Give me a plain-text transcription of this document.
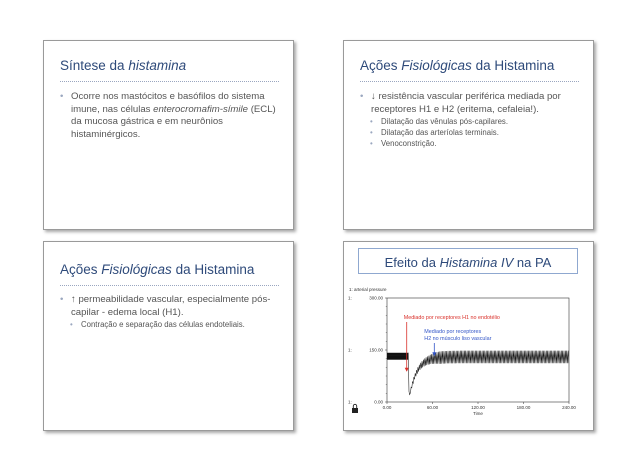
Síntese da histamina
• Ocorre nos mastócitos e basófilos do sistema imune, nas células enterocromafim-símile (ECL) da mucosa gástrica e em neurônios histaminérgicos.
Ações Fisiológicas da Histamina
• ↓ resistência vascular periférica mediada por receptores H1 e H2 (eritema, cefaleia!).
• Dilatação das vênulas pós-capilares.
• Dilatação das arteríolas terminais.
• Venoconstrição.
Ações Fisiológicas da Histamina
• ↑ permeabilidade vascular, especialmente pós-capilar - edema local (H1).
• Contração e separação das células endoteliais.
Efeito da Histamina IV na PA
1: arterial pressure
300.00
1:
150.00
1:
0.00
1:
0.00	60.00	120.00	180.00	240.00
Time
Mediado por receptores H1 no endotélio
Mediado por receptores
H2 no músculo liso vascular
